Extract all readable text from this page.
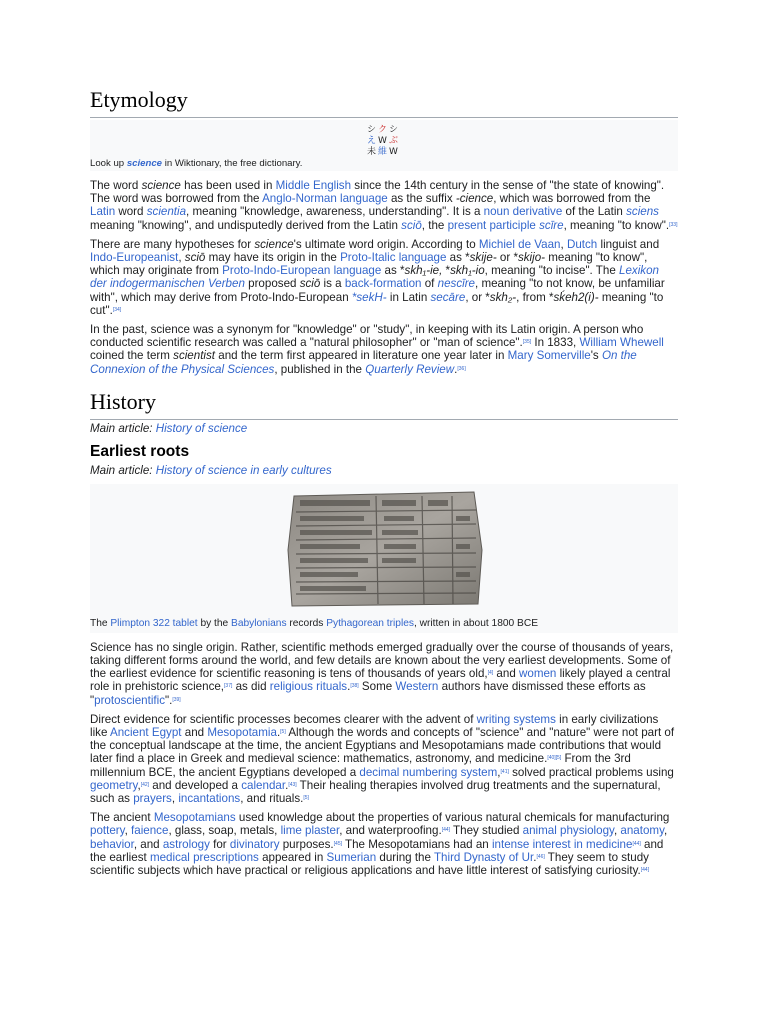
Etymology
シ ク シ
え W ぶ
未 維 W
Look up science in Wiktionary, the free dictionary.

The word science has been used in Middle English since the 14th century in the sense of "the state of knowing". The word was borrowed from the Anglo-Norman language as the suffix -cience, which was borrowed from the Latin word scientia, meaning "knowledge, awareness, understanding". It is a noun derivative of the Latin sciens meaning "knowing", and undisputedly derived from the Latin sciō, the present participle scīre, meaning "to know".[33]

There are many hypotheses for science's ultimate word origin. According to Michiel de Vaan, Dutch linguist and Indo-Europeanist, sciō may have its origin in the Proto-Italic language as *skije- or *skijo- meaning "to know", which may originate from Proto-Indo-European language as *skh₁-ie, *skh₁-io, meaning "to incise". The Lexikon der indogermanischen Verben proposed sciō is a back-formation of nescīre, meaning "to not know, be unfamiliar with", which may derive from Proto-Indo-European *sekH- in Latin secāre, or *skh₂-, from *sḱeh2(i)- meaning "to cut".[34]

In the past, science was a synonym for "knowledge" or "study", in keeping with its Latin origin. A person who conducted scientific research was called a "natural philosopher" or "man of science".[35] In 1833, William Whewell coined the term scientist and the term first appeared in literature one year later in Mary Somerville's On the Connexion of the Physical Sciences, published in the Quarterly Review.[36]

History
Main article: History of science
Earliest roots
Main article: History of science in early cultures
The Plimpton 322 tablet by the Babylonians records Pythagorean triples, written in about 1800 BCE

Science has no single origin. Rather, scientific methods emerged gradually over the course of thousands of years, taking different forms around the world, and few details are known about the very earliest developments. Some of the earliest evidence for scientific reasoning is tens of thousands of years old,[4] and women likely played a central role in prehistoric science,[37] as did religious rituals.[38] Some Western authors have dismissed these efforts as "protoscientific".[39]

Direct evidence for scientific processes becomes clearer with the advent of writing systems in early civilizations like Ancient Egypt and Mesopotamia.[5] Although the words and concepts of "science" and "nature" were not part of the conceptual landscape at the time, the ancient Egyptians and Mesopotamians made contributions that would later find a place in Greek and medieval science: mathematics, astronomy, and medicine.[40][5] From the 3rd millennium BCE, the ancient Egyptians developed a decimal numbering system,[41] solved practical problems using geometry,[42] and developed a calendar.[43] Their healing therapies involved drug treatments and the supernatural, such as prayers, incantations, and rituals.[5]

The ancient Mesopotamians used knowledge about the properties of various natural chemicals for manufacturing pottery, faience, glass, soap, metals, lime plaster, and waterproofing.[44] They studied animal physiology, anatomy, behavior, and astrology for divinatory purposes.[45] The Mesopotamians had an intense interest in medicine[44] and the earliest medical prescriptions appeared in Sumerian during the Third Dynasty of Ur.[46] They seem to study scientific subjects which have practical or religious applications and have little interest of satisfying curiosity.[44]
